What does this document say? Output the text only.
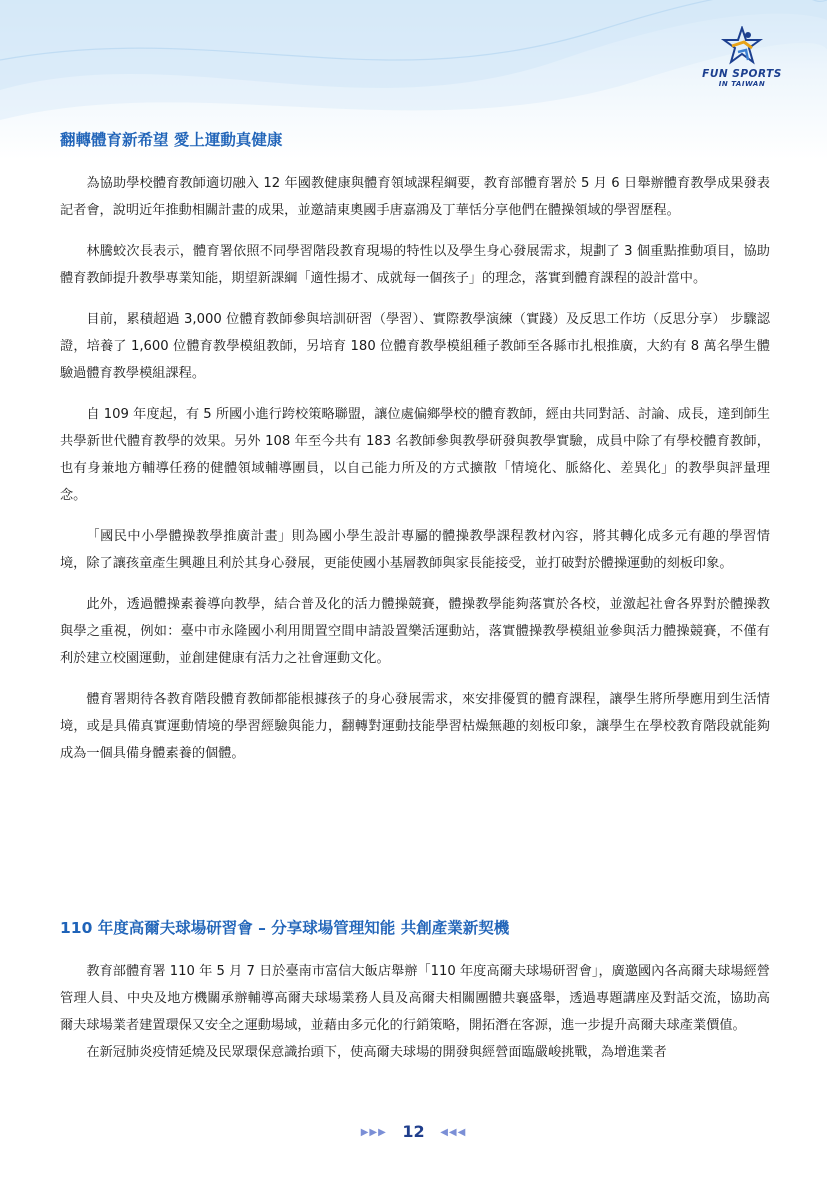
FUN SPORTS
IN TAIWAN
翻轉體育新希望 愛上運動真健康

為協助學校體育教師適切融入 12 年國教健康與體育領域課程綱要，教育部體育署於 5 月 6 日舉辦體育教學成果發表記者會，說明近年推動相關計畫的成果，並邀請東奧國手唐嘉鴻及丁華恬分享他們在體操領域的學習歷程。

林騰蛟次長表示，體育署依照不同學習階段教育現場的特性以及學生身心發展需求，規劃了 3 個重點推動項目，協助體育教師提升教學專業知能，期望新課綱「適性揚才、成就每一個孩子」的理念，落實到體育課程的設計當中。

目前，累積超過 3,000 位體育教師參與培訓研習（學習）、實際教學演練（實踐）及反思工作坊（反思分享） 步驟認證，培養了 1,600 位體育教學模組教師，另培育 180 位體育教學模組種子教師至各縣市扎根推廣，大約有 8 萬名學生體驗過體育教學模組課程。

自 109 年度起，有 5 所國小進行跨校策略聯盟，讓位處偏鄉學校的體育教師，經由共同對話、討論、成長，達到師生共學新世代體育教學的效果。另外 108 年至今共有 183 名教師參與教學研發與教學實驗，成員中除了有學校體育教師，也有身兼地方輔導任務的健體領域輔導團員，以自己能力所及的方式擴散「情境化、脈絡化、差異化」的教學與評量理念。

「國民中小學體操教學推廣計畫」則為國小學生設計專屬的體操教學課程教材內容，將其轉化成多元有趣的學習情境，除了讓孩童產生興趣且利於其身心發展，更能使國小基層教師與家長能接受，並打破對於體操運動的刻板印象。

此外，透過體操素養導向教學，結合普及化的活力體操競賽，體操教學能夠落實於各校，並激起社會各界對於體操教與學之重視，例如：臺中市永隆國小利用閒置空間申請設置樂活運動站，落實體操教學模組並參與活力體操競賽，不僅有利於建立校園運動，並創建健康有活力之社會運動文化。

體育署期待各教育階段體育教師都能根據孩子的身心發展需求，來安排優質的體育課程，讓學生將所學應用到生活情境，或是具備真實運動情境的學習經驗與能力，翻轉對運動技能學習枯燥無趣的刻板印象，讓學生在學校教育階段就能夠成為一個具備身體素養的個體。

110 年度高爾夫球場研習會 – 分享球場管理知能 共創產業新契機

教育部體育署 110 年 5 月 7 日於臺南市富信大飯店舉辦「110 年度高爾夫球場研習會」，廣邀國內各高爾夫球場經營管理人員、中央及地方機關承辦輔導高爾夫球場業務人員及高爾夫相關團體共襄盛舉，透過專題講座及對話交流，協助高爾夫球場業者建置環保又安全之運動場域，並藉由多元化的行銷策略，開拓潛在客源，進一步提升高爾夫球產業價值。

在新冠肺炎疫情延燒及民眾環保意識抬頭下，使高爾夫球場的開發與經營面臨嚴峻挑戰，為增進業者

▶▶▶ 12 ◀◀◀
